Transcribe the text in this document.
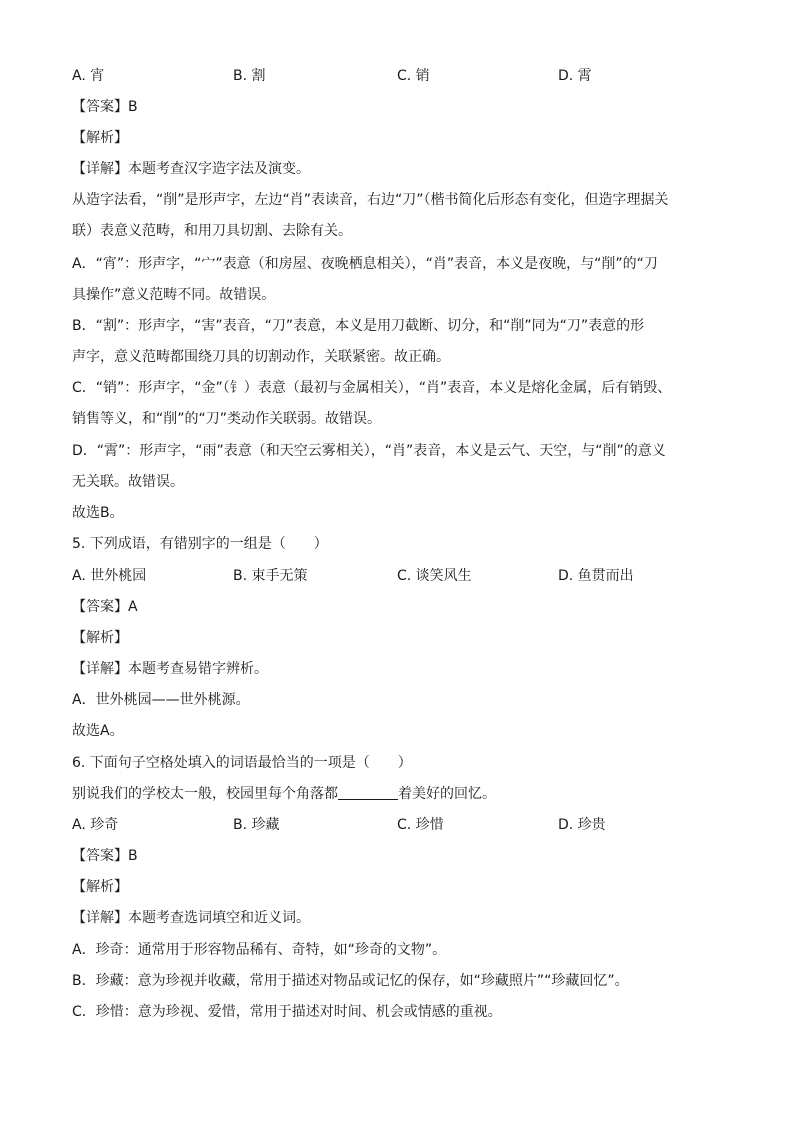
A. 宵	B. 割	C. 销	D. 霄
【答案】B
【解析】
【详解】本题考查汉字造字法及演变。
从造字法看，“削”是形声字，左边“肖”表读音，右边“刀”（楷书简化后形态有变化，但造字理据关
联）表意义范畴，和用刀具切割、去除有关。
A．“宵”：形声字，“宀”表意（和房屋、夜晚栖息相关），“肖”表音，本义是夜晚，与“削”的“刀
具操作”意义范畴不同。故错误。
B．“割”：形声字，“害”表音，“刀”表意，本义是用刀截断、切分，和“削”同为“刀”表意的形
声字，意义范畴都围绕刀具的切割动作，关联紧密。故正确。
C．“销”：形声字，“金”（钅）表意（最初与金属相关），“肖”表音，本义是熔化金属，后有销毁、
销售等义，和“削”的“刀”类动作关联弱。故错误。
D．“霄”：形声字，“雨”表意（和天空云雾相关），“肖”表音，本义是云气、天空，与“削”的意义
无关联。故错误。
故选B。
5. 下列成语，有错别字的一组是（　　）
A. 世外桃园	B. 束手无策	C. 谈笑风生	D. 鱼贯而出
【答案】A
【解析】
【详解】本题考查易错字辨析。
A．世外桃园——世外桃源。
故选A。
6. 下面句子空格处填入的词语最恰当的一项是（　　）
别说我们的学校太一般，校园里每个角落都	着美好的回忆。
A. 珍奇	B. 珍藏	C. 珍惜	D. 珍贵
【答案】B
【解析】
【详解】本题考查选词填空和近义词。
A．珍奇：通常用于形容物品稀有、奇特，如“珍奇的文物”。
B．珍藏：意为珍视并收藏，常用于描述对物品或记忆的保存，如“珍藏照片”“珍藏回忆”。
C．珍惜：意为珍视、爱惜，常用于描述对时间、机会或情感的重视。
